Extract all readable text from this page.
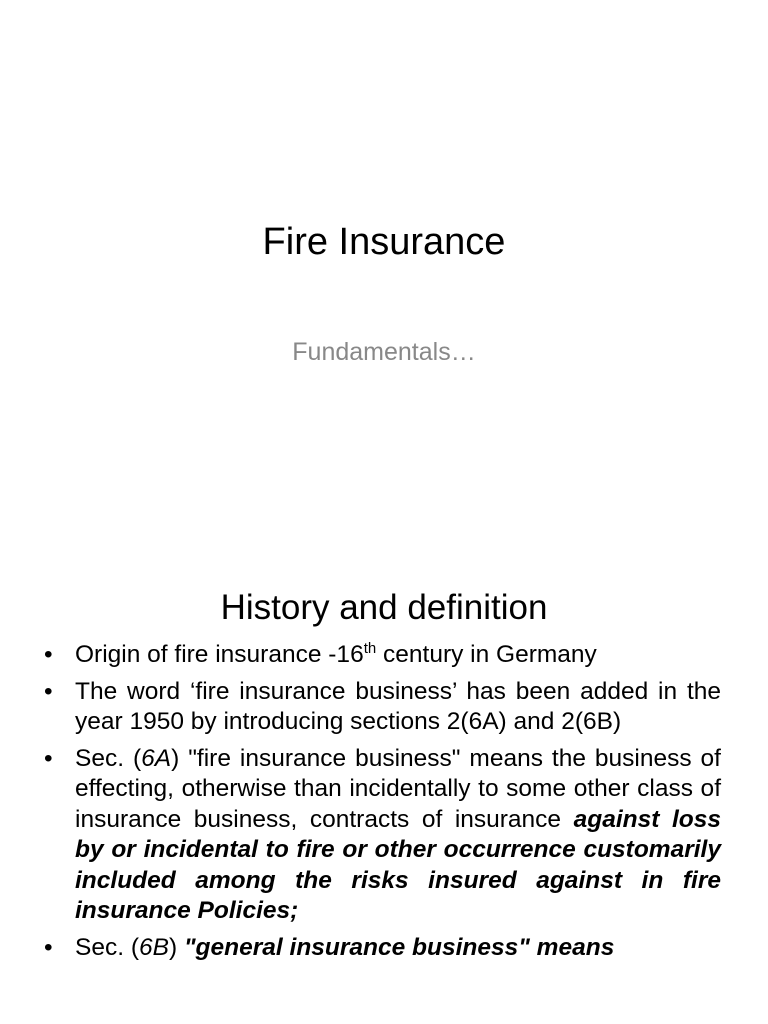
Fire Insurance
Fundamentals…
History and definition
• Origin of fire insurance -16th century in Germany
• The word ‘fire insurance business’ has been added in the year 1950 by introducing sections 2(6A) and 2(6B)
• Sec. (6A) "fire insurance business" means the business of effecting, otherwise than incidentally to some other class of insurance business, contracts of insurance against loss by or incidental to fire or other occurrence customarily included among the risks insured against in fire insurance Policies;
• Sec. (6B) "general insurance business" means
